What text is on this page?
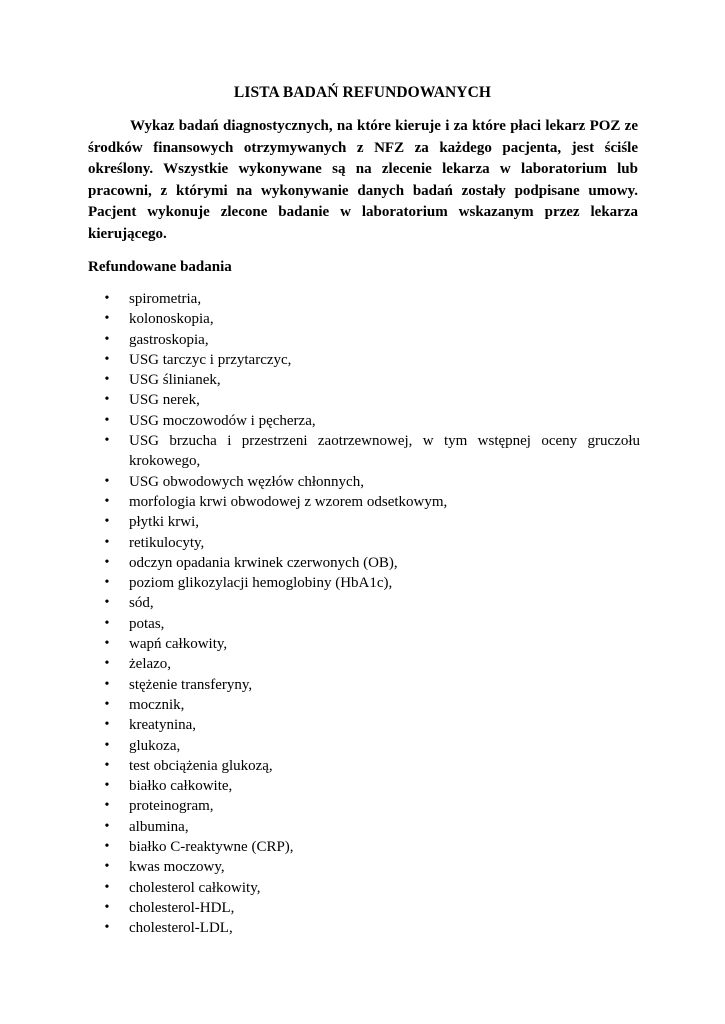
LISTA BADAŃ REFUNDOWANYCH

Wykaz badań diagnostycznych, na które kieruje i za które płaci lekarz POZ ze środków finansowych otrzymywanych z NFZ za każdego pacjenta, jest ściśle określony. Wszystkie wykonywane są na zlecenie lekarza w laboratorium lub pracowni, z którymi na wykonywanie danych badań zostały podpisane umowy. Pacjent wykonuje zlecone badanie w laboratorium wskazanym przez lekarza kierującego.

Refundowane badania
•	spirometria,
•	kolonoskopia,
•	gastroskopia,
•	USG tarczyc i przytarczyc,
•	USG ślinianek,
•	USG nerek,
•	USG moczowodów i pęcherza,
•	USG brzucha i przestrzeni zaotrzewnowej, w tym wstępnej oceny gruczołu krokowego,
•	USG obwodowych węzłów chłonnych,
•	morfologia krwi obwodowej z wzorem odsetkowym,
•	płytki krwi,
•	retikulocyty,
•	odczyn opadania krwinek czerwonych (OB),
•	poziom glikozylacji hemoglobiny (HbA1c),
•	sód,
•	potas,
•	wapń całkowity,
•	żelazo,
•	stężenie transferyny,
•	mocznik,
•	kreatynina,
•	glukoza,
•	test obciążenia glukozą,
•	białko całkowite,
•	proteinogram,
•	albumina,
•	białko C-reaktywne (CRP),
•	kwas moczowy,
•	cholesterol całkowity,
•	cholesterol-HDL,
•	cholesterol-LDL,
